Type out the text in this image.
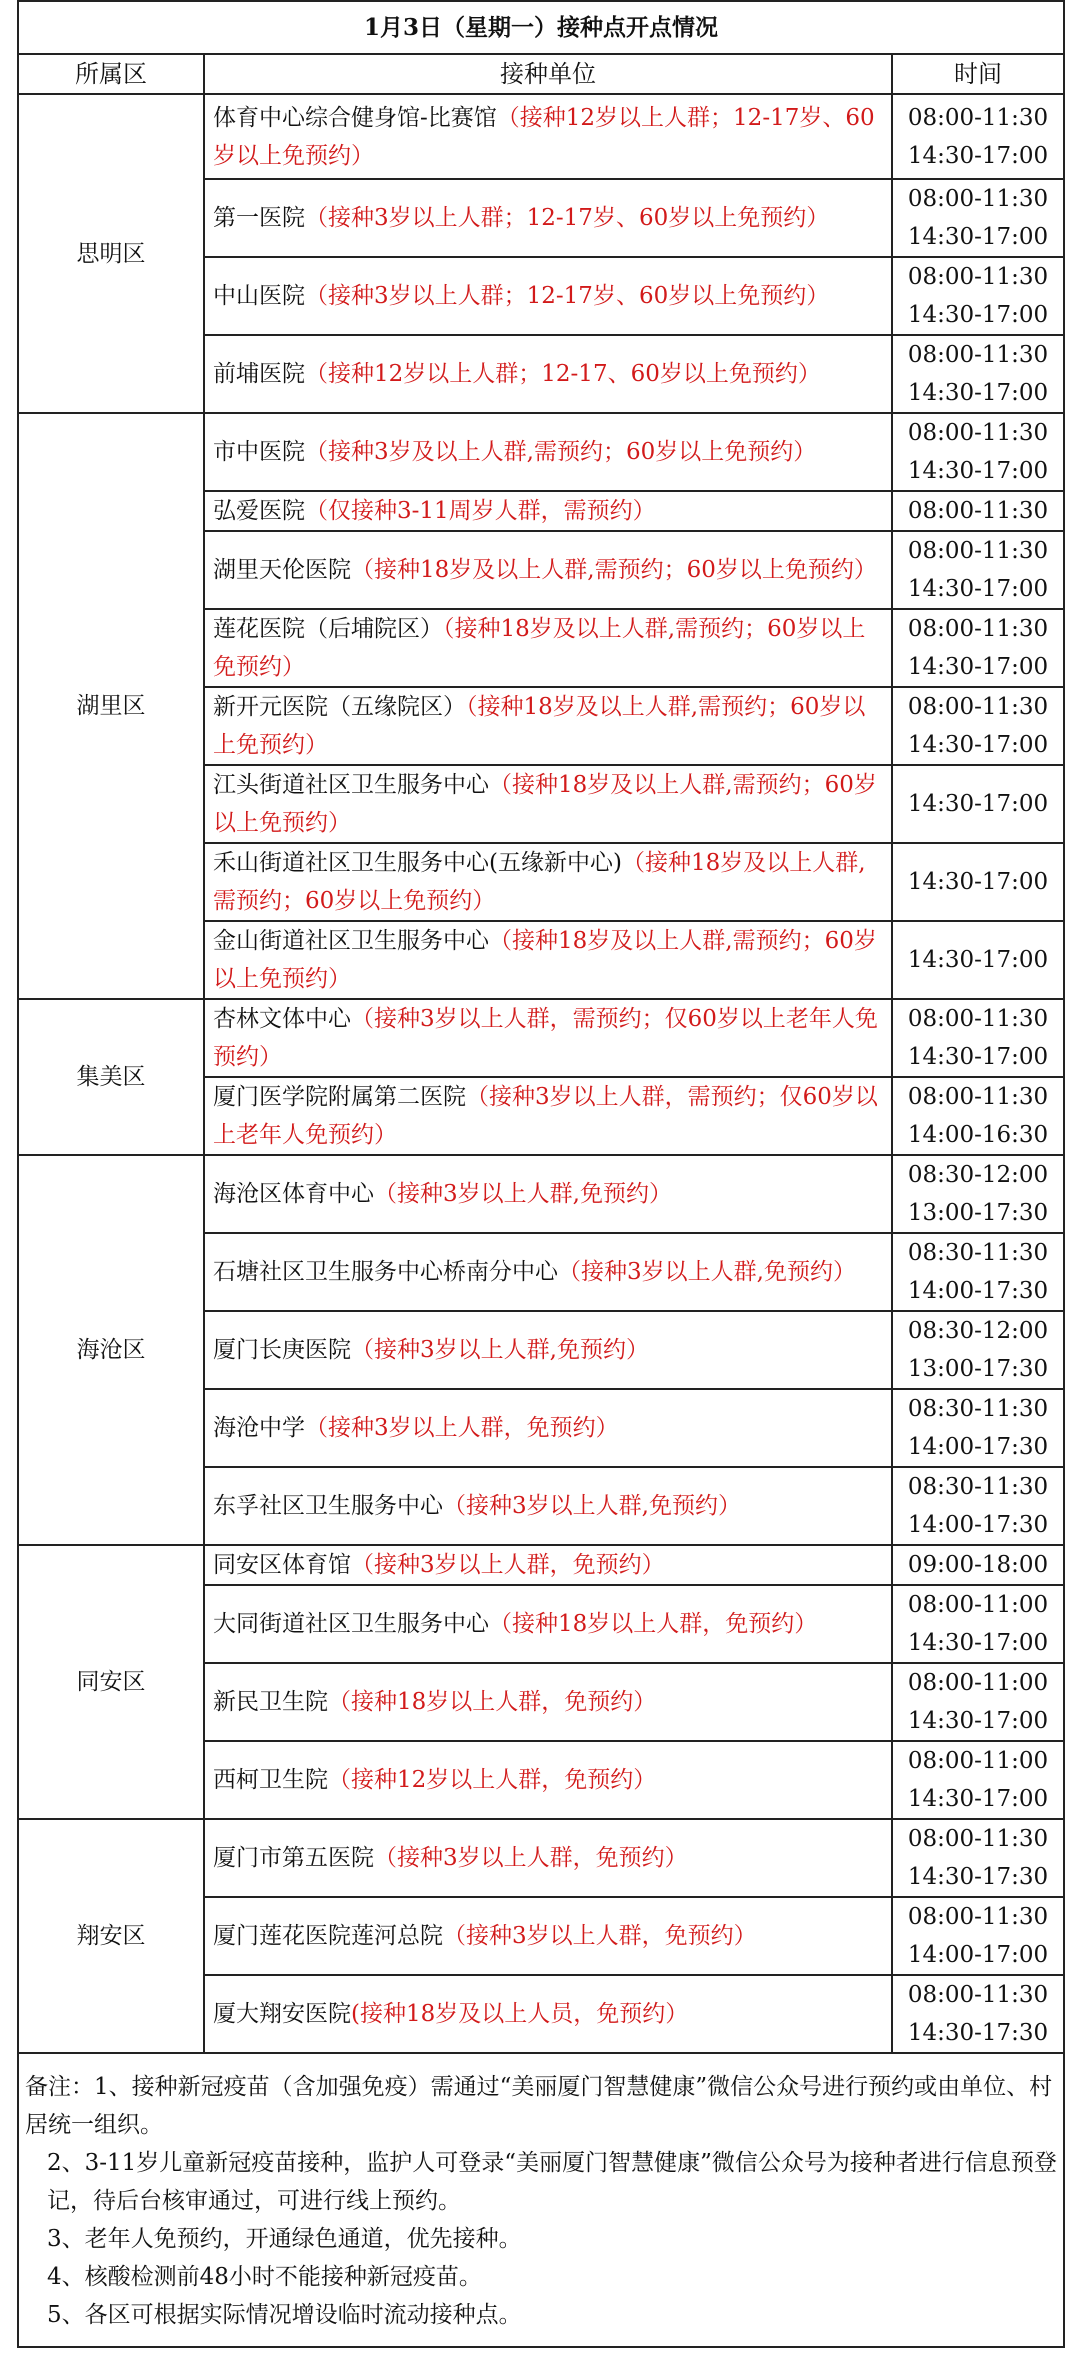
1月3日（星期一）接种点开点情况		
所属区	接种单位	时间
思明区	体育中心综合健身馆-比赛馆（接种12岁以上人群；12-17岁、60岁以上免预约）	08:00-11:30
14:30-17:00

	第一医院（接种3岁以上人群；12-17岁、60岁以上免预约）	08:00-11:30
14:30-17:00

	中山医院（接种3岁以上人群；12-17岁、60岁以上免预约）	08:00-11:30
14:30-17:00

	前埔医院（接种12岁以上人群；12-17、60岁以上免预约）	08:00-11:30
14:30-17:00

湖里区	市中医院（接种3岁及以上人群,需预约；60岁以上免预约）	08:00-11:30
14:30-17:00

	弘爱医院（仅接种3-11周岁人群，需预约）	08:00-11:30

	湖里天伦医院（接种18岁及以上人群,需预约；60岁以上免预约）	08:00-11:30
14:30-17:00

	莲花医院（后埔院区）（接种18岁及以上人群,需预约；60岁以上免预约）	08:00-11:30
14:30-17:00

	新开元医院（五缘院区）（接种18岁及以上人群,需预约；60岁以上免预约）	08:00-11:30
14:30-17:00

	江头街道社区卫生服务中心（接种18岁及以上人群,需预约；60岁以上免预约）	14:30-17:00

	禾山街道社区卫生服务中心(五缘新中心)（接种18岁及以上人群,需预约；60岁以上免预约）	14:30-17:00

	金山街道社区卫生服务中心（接种18岁及以上人群,需预约；60岁以上免预约）	14:30-17:00

集美区	杏林文体中心（接种3岁以上人群，需预约；仅60岁以上老年人免预约）	08:00-11:30
14:30-17:00

	厦门医学院附属第二医院（接种3岁以上人群，需预约；仅60岁以上老年人免预约）	08:00-11:30
14:00-16:30

海沧区	海沧区体育中心（接种3岁以上人群,免预约）	08:30-12:00
13:00-17:30

	石塘社区卫生服务中心桥南分中心（接种3岁以上人群,免预约）	08:30-11:30
14:00-17:30

	厦门长庚医院（接种3岁以上人群,免预约）	08:30-12:00
13:00-17:30

	海沧中学（接种3岁以上人群，免预约）	08:30-11:30
14:00-17:30

	东孚社区卫生服务中心（接种3岁以上人群,免预约）	08:30-11:30
14:00-17:30

同安区	同安区体育馆（接种3岁以上人群，免预约）	09:00-18:00

	大同街道社区卫生服务中心（接种18岁以上人群，免预约）	08:00-11:00
14:30-17:00

	新民卫生院（接种18岁以上人群，免预约）	08:00-11:00
14:30-17:00

	西柯卫生院（接种12岁以上人群，免预约）	08:00-11:00
14:30-17:00

翔安区	厦门市第五医院（接种3岁以上人群，免预约）	08:00-11:30
14:30-17:30

	厦门莲花医院莲河总院（接种3岁以上人群，免预约）	08:00-11:30
14:00-17:00

	厦大翔安医院(接种18岁及以上人员，免预约）	08:00-11:30
14:30-17:30

备注：1、接种新冠疫苗（含加强免疫）需通过“美丽厦门智慧健康”微信公众号进行预约或由单位、村居统一组织。
2、3-11岁儿童新冠疫苗接种，监护人可登录“美丽厦门智慧健康”微信公众号为接种者进行信息预登记，待后台核审通过，可进行线上预约。
3、老年人免预约，开通绿色通道，优先接种。
4、核酸检测前48小时不能接种新冠疫苗。
5、各区可根据实际情况增设临时流动接种点。		
